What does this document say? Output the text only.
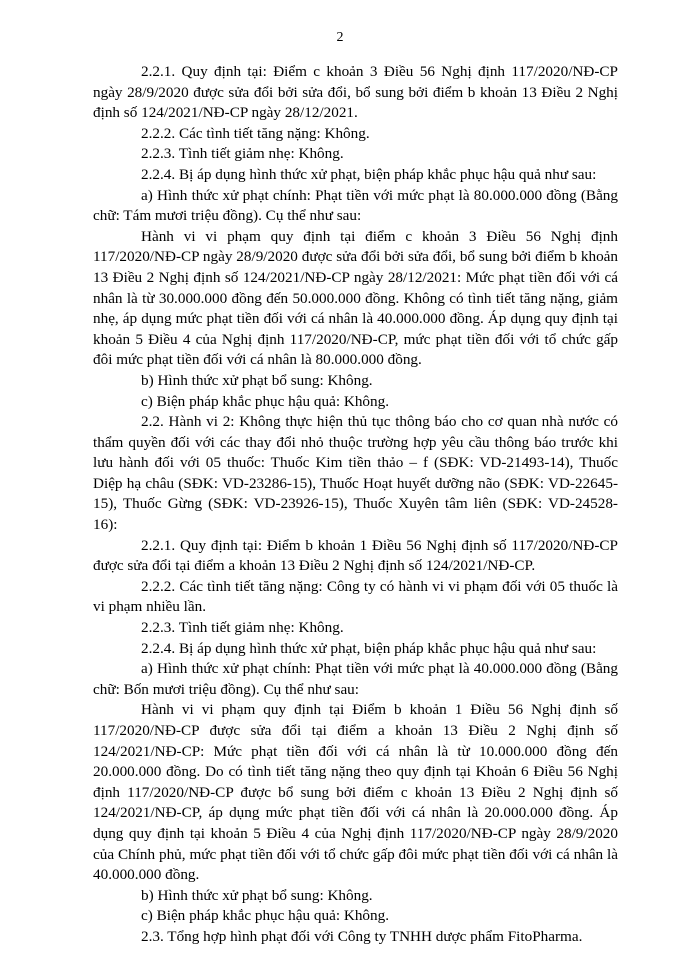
2

2.2.1. Quy định tại: Điểm c khoản 3 Điều 56 Nghị định 117/2020/NĐ-CP ngày 28/9/2020 được sửa đổi bởi sửa đổi, bổ sung bởi điểm b khoản 13 Điều 2 Nghị định số 124/2021/NĐ-CP ngày 28/12/2021.

2.2.2. Các tình tiết tăng nặng: Không.

2.2.3. Tình tiết giảm nhẹ: Không.

2.2.4. Bị áp dụng hình thức xử phạt, biện pháp khắc phục hậu quả như sau:

a) Hình thức xử phạt chính: Phạt tiền với mức phạt là 80.000.000 đồng (Bằng chữ: Tám mươi triệu đồng). Cụ thể như sau:

Hành vi vi phạm quy định tại điểm c khoản 3 Điều 56 Nghị định 117/2020/NĐ-CP ngày 28/9/2020 được sửa đổi bởi sửa đổi, bổ sung bởi điểm b khoản 13 Điều 2 Nghị định số 124/2021/NĐ-CP ngày 28/12/2021: Mức phạt tiền đối với cá nhân là từ 30.000.000 đồng đến 50.000.000 đồng. Không có tình tiết tăng nặng, giảm nhẹ, áp dụng mức phạt tiền đối với cá nhân là 40.000.000 đồng. Áp dụng quy định tại khoản 5 Điều 4 của Nghị định 117/2020/NĐ-CP, mức phạt tiền đối với tổ chức gấp đôi mức phạt tiền đối với cá nhân là 80.000.000 đồng.

b) Hình thức xử phạt bổ sung: Không.

c) Biện pháp khắc phục hậu quả: Không.

2.2. Hành vi 2: Không thực hiện thủ tục thông báo cho cơ quan nhà nước có thẩm quyền đối với các thay đổi nhỏ thuộc trường hợp yêu cầu thông báo trước khi lưu hành đối với 05 thuốc: Thuốc Kim tiền thảo – f (SĐK: VD-21493-14), Thuốc Diệp hạ châu (SĐK: VD-23286-15), Thuốc Hoạt huyết dưỡng não (SĐK: VD-22645-15), Thuốc Gừng (SĐK: VD-23926-15), Thuốc Xuyên tâm liên (SĐK: VD-24528-16):

2.2.1. Quy định tại: Điểm b khoản 1 Điều 56 Nghị định số 117/2020/NĐ-CP được sửa đổi tại điểm a khoản 13 Điều 2 Nghị định số 124/2021/NĐ-CP.

2.2.2. Các tình tiết tăng nặng: Công ty có hành vi vi phạm đối với 05 thuốc là vi phạm nhiều lần.

2.2.3. Tình tiết giảm nhẹ: Không.

2.2.4. Bị áp dụng hình thức xử phạt, biện pháp khắc phục hậu quả như sau:

a) Hình thức xử phạt chính: Phạt tiền với mức phạt là 40.000.000 đồng (Bằng chữ: Bốn mươi triệu đồng). Cụ thể như sau:

Hành vi vi phạm quy định tại Điểm b khoản 1 Điều 56 Nghị định số 117/2020/NĐ-CP được sửa đổi tại điểm a khoản 13 Điều 2 Nghị định số 124/2021/NĐ-CP: Mức phạt tiền đối với cá nhân là từ 10.000.000 đồng đến 20.000.000 đồng. Do có tình tiết tăng nặng theo quy định tại Khoản 6 Điều 56 Nghị định 117/2020/NĐ-CP được bổ sung bởi điểm c khoản 13 Điều 2 Nghị định số 124/2021/NĐ-CP, áp dụng mức phạt tiền đối với cá nhân là 20.000.000 đồng. Áp dụng quy định tại khoản 5 Điều 4 của Nghị định 117/2020/NĐ-CP ngày 28/9/2020 của Chính phủ, mức phạt tiền đối với tổ chức gấp đôi mức phạt tiền đối với cá nhân là 40.000.000 đồng.

b) Hình thức xử phạt bổ sung: Không.

c) Biện pháp khắc phục hậu quả: Không.

2.3. Tổng hợp hình phạt đối với Công ty TNHH dược phẩm FitoPharma.
